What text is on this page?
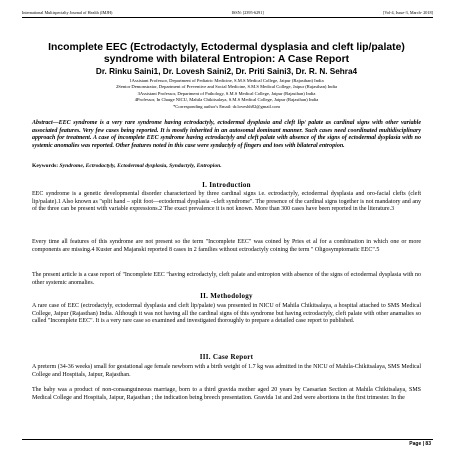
International Multispecialty Journal of Health (IMJH)	ISSN: [2395-6291]	[Vol-4, Issue-3, March- 2018]
Incomplete EEC (Ectrodactyly, Ectodermal dysplasia and cleft lip/palate) syndrome with bilateral Entropion: A Case Report
Dr. Rinku Saini1, Dr. Lovesh Saini2, Dr. Priti Saini3, Dr. R. N. Sehra4
1Assistant Professor, Department of Pediatric Medicine, S.M.S Medical College, Jaipur (Rajasthan) India
2Senior Demonstrator, Department of Preventive and Social Medicine, S.M.S Medical College, Jaipur (Rajasthan) India
3Assistant Professor, Department of Pathology, S.M.S Medical College, Jaipur (Rajasthan) India
4Professor, In Charge NICU, Mahila Chikitsalaya, S.M.S Medical College, Jaipur (Rajasthan) India
*Corresponding author's Email: dr.loveshh82@gmail.com
Abstract—EEC syndrome is a very rare syndrome having ectrodactyly, ectodermal dysplasia and cleft lip/ palate as cardinal signs with other variable associated features. Very few cases being reported. It is mostly inherited in an autosomal dominant manner. Such cases need coordinated multidisciplinary approach for treatment. A case of incomplete EEC syndrome having ectrodactyly and cleft palate with absence of the signs of ectodermal dysplasia with no systemic anomalies was reported. Other features noted in this case were syndactyly of fingers and toes with bilateral entropion.
Keywords: Syndrome, Ectrodactyly, Ectodermal dysplasia, Syndactyly, Entropion.
I. Introduction
EEC syndrome is a genetic developmental disorder characterized by three cardinal signs i.e. ectrodactyly, ectodermal dysplasia and oro-facial clefts (cleft lip/palate).1 Also known as "split hand – split foot—ectodermal dysplasia –cleft syndrome". The presence of the cardinal signs together is not mandatory and any of the three can be present with variable expressions.2 The exact prevalence it is not known. More than 300 cases have been reported in the literature.3
Every time all features of this syndrome are not present so the term "Incomplete EEC" was coined by Pries et al for a combination in which one or more components are missing.4 Kuster and Majanski reported 8 cases in 2 families without ectrodactyly coining the term " Oligosymptomatic EEC".5
The present article is a case report of "Incomplete EEC "having ectrodactyly, cleft palate and entropion with absence of the signs of ectodermal dysplasia with no other systemic anomalies.
II. Methodology
A rare case of EEC (ectrodactyly, ectodermal dysplasia and cleft lip/palate) was presented in NICU of Mahila Chikitsalaya, a hospital attached to SMS Medical College, Jaipur (Rajasthan) India. Although it was not having all the cardinal signs of this syndrome but having ectrodactyly, cleft palate with other anamalies so called "Incomplete EEC". It is a very rare case so examined and investigated thoroughly to prepare a detailed case report to published.
III. Case Report
A preterm (34-36 weeks) small for gestational age female newborn with a birth weight of 1.7 kg was admitted in the NICU of Mahila-Chikitsalaya, SMS Medical College and Hospitals, Jaipur, Rajasthan.
The baby was a product of non-consanguineous marriage, born to a third gravida mother aged 20 years by Caesarian Section at Mahila Chikitsalaya, SMS Medical College and Hospitals, Jaipur, Rajasthan ; the indication being breech presentation. Gravida 1st and 2nd were abortions in the first trimester. In the
Page | 83
